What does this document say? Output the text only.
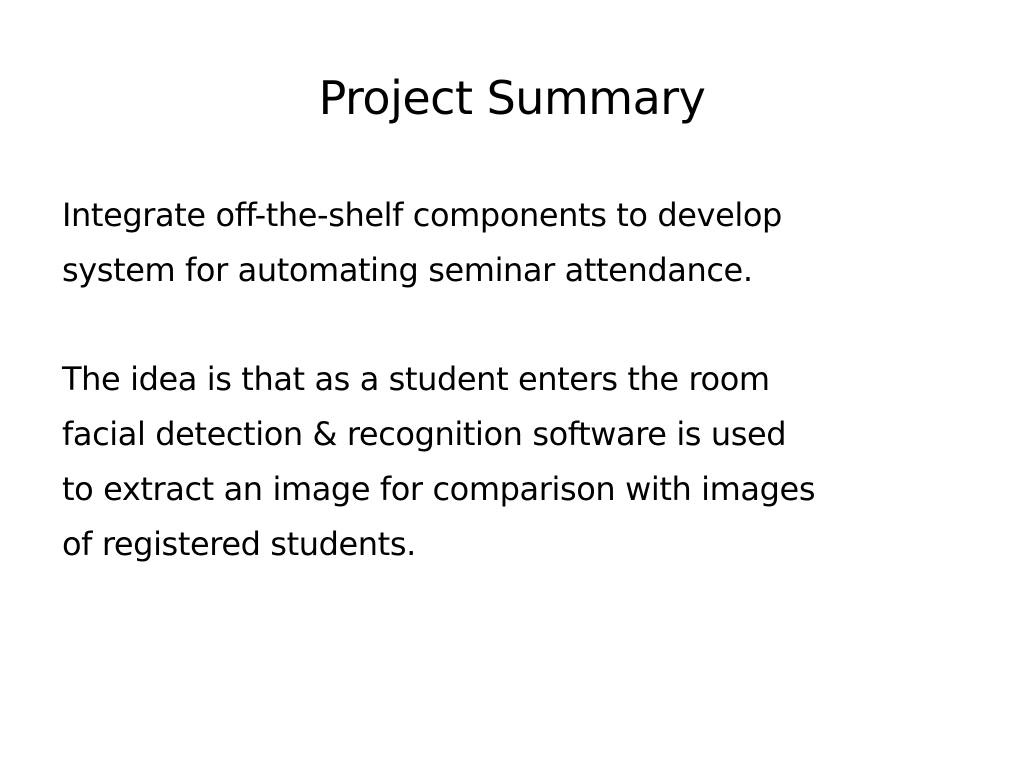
Project Summary

Integrate off-the-shelf components to develop
system for automating seminar attendance.

The idea is that as a student enters the room
facial detection & recognition software is used
to extract an image for comparison with images
of registered students.
